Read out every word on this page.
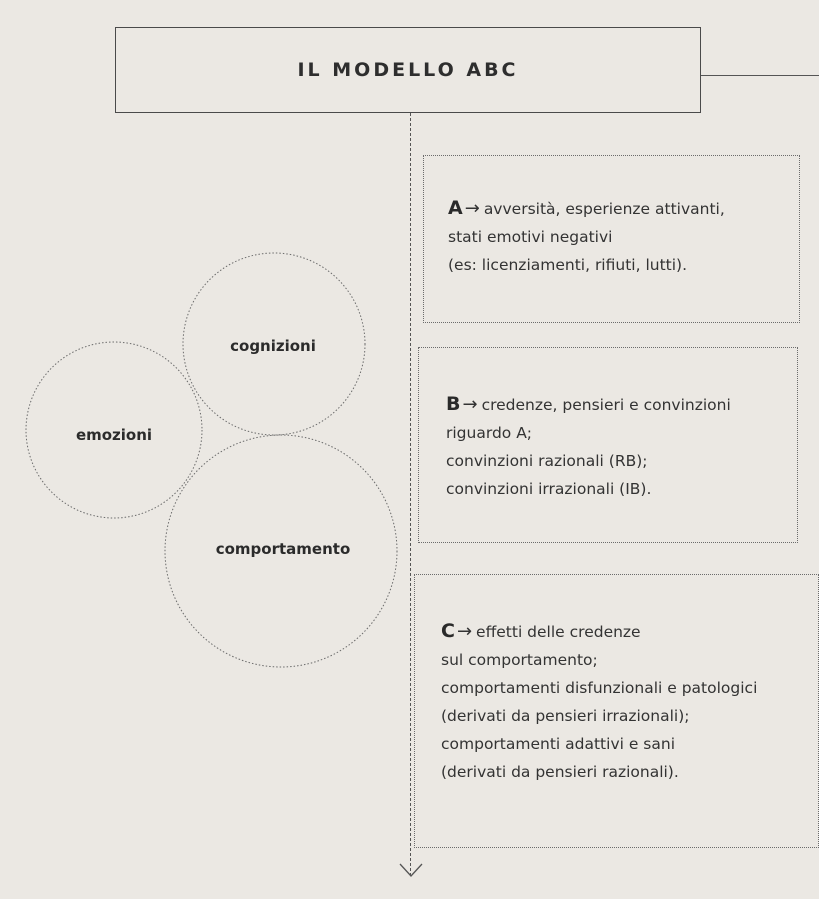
IL MODELLO ABC
cognizioni
emozioni
comportamento
A → avversità, esperienze attivanti,
stati emotivi negativi
(es: licenziamenti, rifiuti, lutti).
B → credenze, pensieri e convinzioni
riguardo A;
convinzioni razionali (RB);
convinzioni irrazionali (IB).
C → effetti delle credenze
sul comportamento;
comportamenti disfunzionali e patologici
(derivati da pensieri irrazionali);
comportamenti adattivi e sani
(derivati da pensieri razionali).
